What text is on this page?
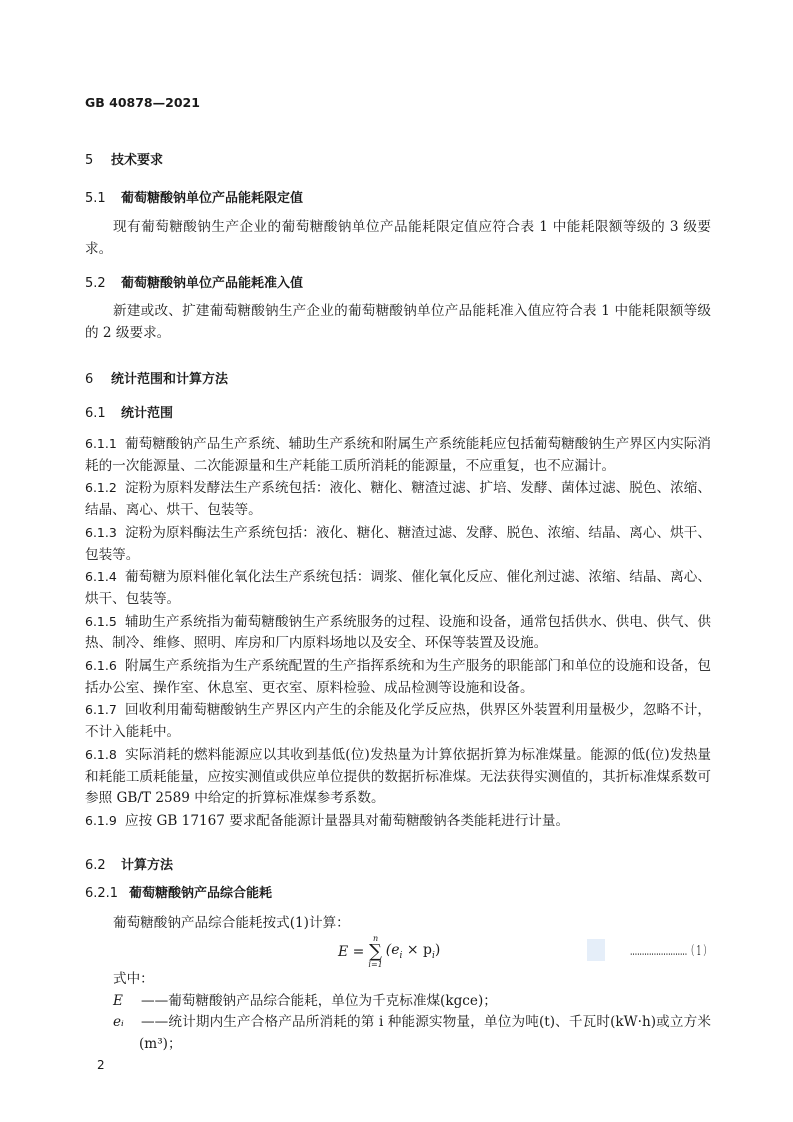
GB 40878—2021
5 技术要求
5.1 葡萄糖酸钠单位产品能耗限定值
现有葡萄糖酸钠生产企业的葡萄糖酸钠单位产品能耗限定值应符合表 1 中能耗限额等级的 3 级要求。
5.2 葡萄糖酸钠单位产品能耗准入值
新建或改、扩建葡萄糖酸钠生产企业的葡萄糖酸钠单位产品能耗准入值应符合表 1 中能耗限额等级的 2 级要求。
6 统计范围和计算方法
6.1 统计范围
6.1.1 葡萄糖酸钠产品生产系统、辅助生产系统和附属生产系统能耗应包括葡萄糖酸钠生产界区内实际消耗的一次能源量、二次能源量和生产耗能工质所消耗的能源量，不应重复，也不应漏计。
6.1.2 淀粉为原料发酵法生产系统包括：液化、糖化、糖渣过滤、扩培、发酵、菌体过滤、脱色、浓缩、结晶、离心、烘干、包装等。
6.1.3 淀粉为原料酶法生产系统包括：液化、糖化、糖渣过滤、发酵、脱色、浓缩、结晶、离心、烘干、包装等。
6.1.4 葡萄糖为原料催化氧化法生产系统包括：调浆、催化氧化反应、催化剂过滤、浓缩、结晶、离心、烘干、包装等。
6.1.5 辅助生产系统指为葡萄糖酸钠生产系统服务的过程、设施和设备，通常包括供水、供电、供气、供热、制冷、维修、照明、库房和厂内原料场地以及安全、环保等装置及设施。
6.1.6 附属生产系统指为生产系统配置的生产指挥系统和为生产服务的职能部门和单位的设施和设备，包括办公室、操作室、休息室、更衣室、原料检验、成品检测等设施和设备。
6.1.7 回收利用葡萄糖酸钠生产界区内产生的余能及化学反应热，供界区外装置利用量极少，忽略不计，不计入能耗中。
6.1.8 实际消耗的燃料能源应以其收到基低(位)发热量为计算依据折算为标准煤量。能源的低(位)发热量和耗能工质耗能量，应按实测值或供应单位提供的数据折标准煤。无法获得实测值的，其折标准煤系数可参照 GB/T 2589 中给定的折算标准煤参考系数。
6.1.9 应按 GB 17167 要求配备能源计量器具对葡萄糖酸钠各类能耗进行计量。
6.2 计算方法
6.2.1 葡萄糖酸钠产品综合能耗
葡萄糖酸钠产品综合能耗按式(1)计算：
E =
n
∑
i=1
$(e_i \times p_i)$	……………………（ 1 ）
式中：
E ——葡萄糖酸钠产品综合能耗，单位为千克标准煤(kgce)；
eᵢ ——统计期内生产合格产品所消耗的第 i 种能源实物量，单位为吨(t)、千瓦时(kW·h)或立方米(m³)；
2
